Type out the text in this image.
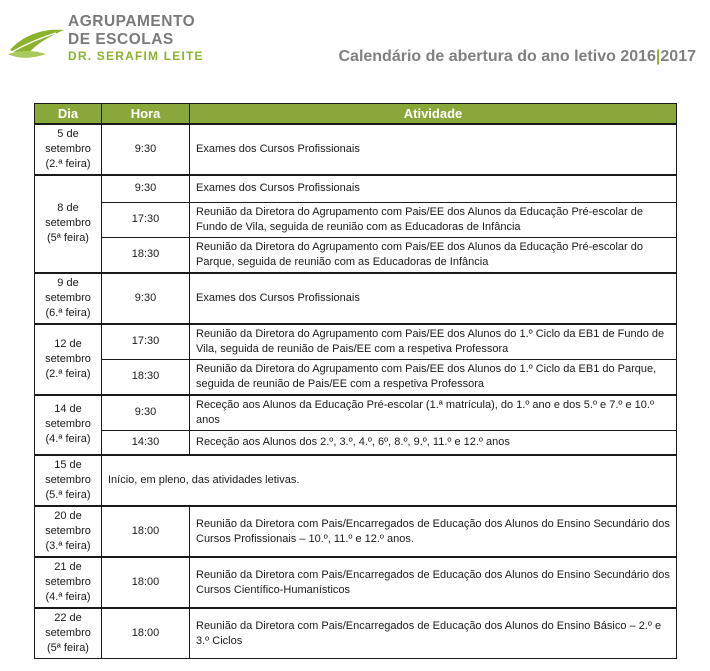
AGRUPAMENTO
DE ESCOLAS
DR. SERAFIM LEITE	Calendário de abertura do ano letivo 2016|2017
Dia	Hora	Atividade

5 de
setembro
(2.ª feira)	9:30	Exames dos Cursos Profissionais

8 de
setembro
(5ª feira)	9:30	Exames dos Cursos Profissionais
	17:30	Reunião da Diretora do Agrupamento com Pais/EE dos Alunos da Educação Pré-escolar de Fundo de Vila, seguida de reunião com as Educadoras de Infância
	18:30	Reunião da Diretora do Agrupamento com Pais/EE dos Alunos da Educação Pré-escolar do Parque, seguida de reunião com as Educadoras de Infância

9 de
setembro
(6.ª feira)	9:30	Exames dos Cursos Profissionais

12 de
setembro
(2.ª feira)	17:30	Reunião da Diretora do Agrupamento com Pais/EE dos Alunos do 1.º Ciclo da EB1 de Fundo de Vila, seguida de reunião de Pais/EE com a respetiva Professora
	18:30	Reunião da Diretora do Agrupamento com Pais/EE dos Alunos do 1.º Ciclo da EB1 do Parque, seguida de reunião de Pais/EE com a respetiva Professora

14 de
setembro
(4.ª feira)	9:30	Receção aos Alunos da Educação Pré-escolar (1.ª matrícula), do 1.º ano e dos 5.º e 7.º e 10.º anos
	14:30	Receção aos Alunos dos 2.º, 3.º, 4.º, 6º, 8.º, 9.º, 11.º e 12.º anos

15 de
setembro
(5.ª feira)	Início, em pleno, das atividades letivas.	

20 de
setembro
(3.ª feira)	18:00	Reunião da Diretora com Pais/Encarregados de Educação dos Alunos do Ensino Secundário dos Cursos Profissionais – 10.º, 11.º e 12.º anos.

21 de
setembro
(4.ª feira)	18:00	Reunião da Diretora com Pais/Encarregados de Educação dos Alunos do Ensino Secundário dos Cursos Científico-Humanísticos

22 de
setembro
(5ª feira)	18:00	Reunião da Diretora com Pais/Encarregados de Educação dos Alunos do Ensino Básico – 2.º e 3.º Ciclos
